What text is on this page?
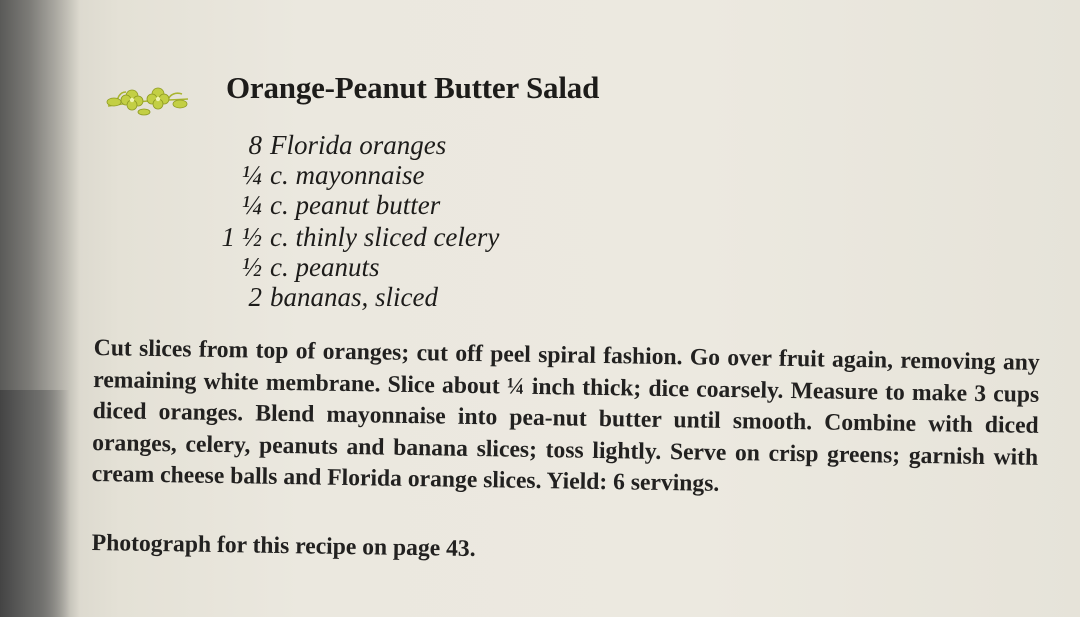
Orange-Peanut Butter Salad
8 Florida oranges
¼ c. mayonnaise
¼ c. peanut butter
1 ½ c. thinly sliced celery
½ c. peanuts
2 bananas, sliced
Cut slices from top of oranges; cut off peel spiral fashion. Go over fruit again, removing any remaining white membrane. Slice about ¼ inch thick; dice coarsely. Measure to make 3 cups diced oranges. Blend mayonnaise into pea-nut butter until smooth. Combine with diced oranges, celery, peanuts and banana slices; toss lightly. Serve on crisp greens; garnish with cream cheese balls and Florida orange slices. Yield: 6 servings.
Photograph for this recipe on page 43.
